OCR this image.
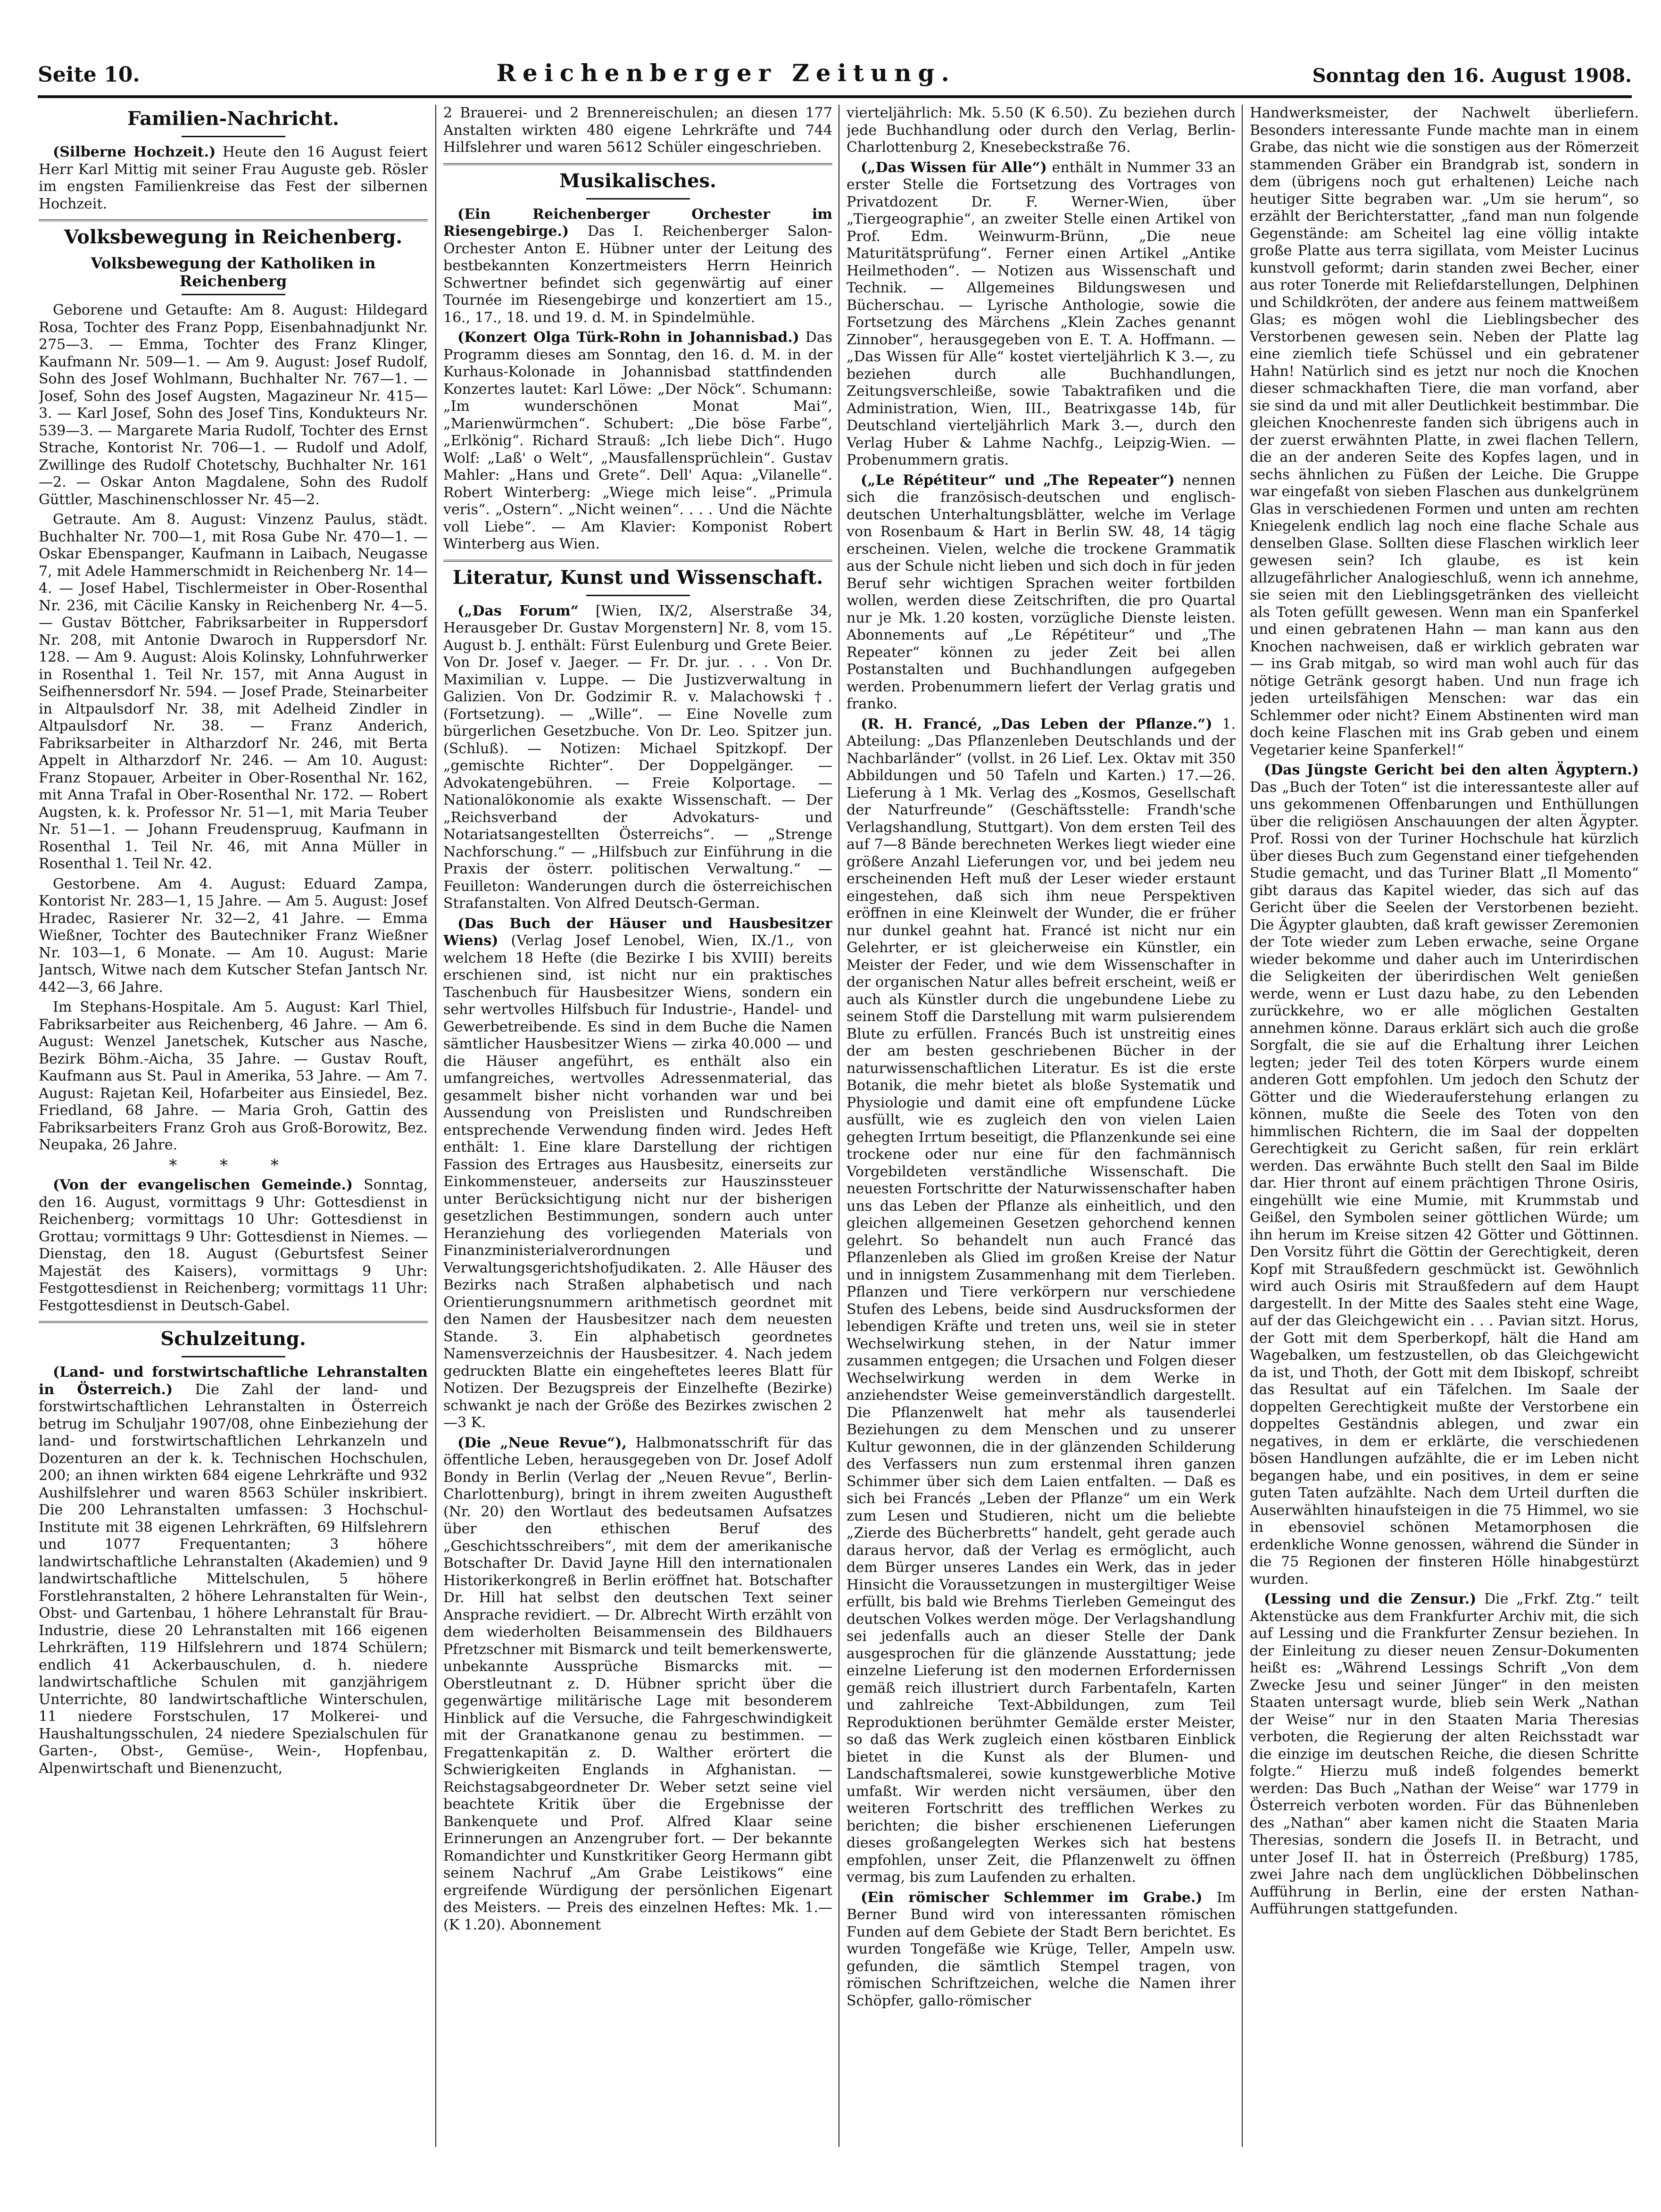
Seite 10.	Reichenberger Zeitung.	Sonntag den 16. August 1908.
Familien-Nachricht.

(Silberne Hochzeit.) Heute den 16 August feiert Herr Karl Mittig mit seiner Frau Auguste geb. Rösler im engsten Familienkreise das Fest der silbernen Hochzeit.

Volksbewegung in Reichenberg.
Volksbewegung der Katholiken in Reichenberg

Geborene und Getaufte: Am 8. August: Hildegard Rosa, Tochter des Franz Popp, Eisenbahnadjunkt Nr. 275—3. — Emma, Tochter des Franz Klinger, Kaufmann Nr. 509—1. — Am 9. August: Josef Rudolf, Sohn des Josef Wohlmann, Buchhalter Nr. 767—1. — Josef, Sohn des Josef Augsten, Magazineur Nr. 415—3. — Karl Josef, Sohn des Josef Tins, Kondukteurs Nr. 539—3. — Margarete Maria Rudolf, Tochter des Ernst Strache, Kontorist Nr. 706—1. — Rudolf und Adolf, Zwillinge des Rudolf Chotetschy, Buchhalter Nr. 161—2. — Oskar Anton Magdalene, Sohn des Rudolf Güttler, Maschinenschlosser Nr. 45—2.

Getraute. Am 8. August: Vinzenz Paulus, städt. Buchhalter Nr. 700—1, mit Rosa Gube Nr. 470—1. — Oskar Ebenspanger, Kaufmann in Laibach, Neugasse 7, mit Adele Hammerschmidt in Reichenberg Nr. 14—4. — Josef Habel, Tischlermeister in Ober-Rosenthal Nr. 236, mit Cäcilie Kansky in Reichenberg Nr. 4—5. — Gustav Böttcher, Fabriksarbeiter in Ruppersdorf Nr. 208, mit Antonie Dwaroch in Ruppersdorf Nr. 128. — Am 9. August: Alois Kolinsky, Lohnfuhrwerker in Rosenthal 1. Teil Nr. 157, mit Anna August in Seifhennersdorf Nr. 594. — Josef Prade, Steinarbeiter in Altpaulsdorf Nr. 38, mit Adelheid Zindler in Altpaulsdorf Nr. 38. — Franz Anderich, Fabriksarbeiter in Altharzdorf Nr. 246, mit Berta Appelt in Altharzdorf Nr. 246. — Am 10. August: Franz Stopauer, Arbeiter in Ober-Rosenthal Nr. 162, mit Anna Trafal in Ober-Rosenthal Nr. 172. — Robert Augsten, k. k. Professor Nr. 51—1, mit Maria Teuber Nr. 51—1. — Johann Freudenspruug, Kaufmann in Rosenthal 1. Teil Nr. 46, mit Anna Müller in Rosenthal 1. Teil Nr. 42.

Gestorbene. Am 4. August: Eduard Zampa, Kontorist Nr. 283—1, 15 Jahre. — Am 5. August: Josef Hradec, Rasierer Nr. 32—2, 41 Jahre. — Emma Wießner, Tochter des Bautechniker Franz Wießner Nr. 103—1, 6 Monate. — Am 10. August: Marie Jantsch, Witwe nach dem Kutscher Stefan Jantsch Nr. 442—3, 66 Jahre.

Im Stephans-Hospitale. Am 5. August: Karl Thiel, Fabriksarbeiter aus Reichenberg, 46 Jahre. — Am 6. August: Wenzel Janetschek, Kutscher aus Nasche, Bezirk Böhm.-Aicha, 35 Jahre. — Gustav Rouft, Kaufmann aus St. Paul in Amerika, 53 Jahre. — Am 7. August: Rajetan Keil, Hofarbeiter aus Einsiedel, Bez. Friedland, 68 Jahre. — Maria Groh, Gattin des Fabriksarbeiters Franz Groh aus Groß-Borowitz, Bez. Neupaka, 26 Jahre.

* * *

(Von der evangelischen Gemeinde.) Sonntag, den 16. August, vormittags 9 Uhr: Gottesdienst in Reichenberg; vormittags 10 Uhr: Gottesdienst in Grottau; vormittags 9 Uhr: Gottesdienst in Niemes. — Dienstag, den 18. August (Geburtsfest Seiner Majestät des Kaisers), vormittags 9 Uhr: Festgottesdienst in Reichenberg; vormittags 11 Uhr: Festgottesdienst in Deutsch-Gabel.

Schulzeitung.

(Land- und forstwirtschaftliche Lehranstalten in Österreich.) Die Zahl der land- und forstwirtschaftlichen Lehranstalten in Österreich betrug im Schuljahr 1907/08, ohne Einbeziehung der land- und forstwirtschaftlichen Lehrkanzeln und Dozenturen an der k. k. Technischen Hochschulen, 200; an ihnen wirkten 684 eigene Lehrkräfte und 932 Aushilfslehrer und waren 8563 Schüler inskribiert. Die 200 Lehranstalten umfassen: 3 Hochschul-Institute mit 38 eigenen Lehrkräften, 69 Hilfslehrern und 1077 Frequentanten; 3 höhere landwirtschaftliche Lehranstalten (Akademien) und 9 landwirtschaftliche Mittelschulen, 5 höhere Forstlehranstalten, 2 höhere Lehranstalten für Wein-, Obst- und Gartenbau, 1 höhere Lehranstalt für Brau-Industrie, diese 20 Lehranstalten mit 166 eigenen Lehrkräften, 119 Hilfslehrern und 1874 Schülern; endlich 41 Ackerbauschulen, d. h. niedere landwirtschaftliche Schulen mit ganzjährigem Unterrichte, 80 landwirtschaftliche Winterschulen, 11 niedere Forstschulen, 17 Molkerei- und Haushaltungsschulen, 24 niedere Spezialschulen für Garten-, Obst-, Gemüse-, Wein-, Hopfenbau, Alpenwirtschaft und Bienenzucht,

2 Brauerei- und 2 Brennereischulen; an diesen 177 Anstalten wirkten 480 eigene Lehrkräfte und 744 Hilfslehrer und waren 5612 Schüler eingeschrieben.

Musikalisches.

(Ein Reichenberger Orchester im Riesengebirge.) Das I. Reichenberger Salon-Orchester Anton E. Hübner unter der Leitung des bestbekannten Konzertmeisters Herrn Heinrich Schwertner befindet sich gegenwärtig auf einer Tournée im Riesengebirge und konzertiert am 15., 16., 17., 18. und 19. d. M. in Spindelmühle.

(Konzert Olga Türk-Rohn in Johannisbad.) Das Programm dieses am Sonntag, den 16. d. M. in der Kurhaus-Kolonade in Johannisbad stattfindenden Konzertes lautet: Karl Löwe: „Der Nöck“. Schumann: „Im wunderschönen Monat Mai“, „Marienwürmchen“. Schubert: „Die böse Farbe“, „Erlkönig“. Richard Strauß: „Ich liebe Dich“. Hugo Wolf: „Laß' o Welt“, „Mausfallensprüchlein“. Gustav Mahler: „Hans und Grete“. Dell' Aqua: „Vilanelle“. Robert Winterberg: „Wiege mich leise“. „Primula veris“. „Ostern“. „Nicht weinen“. . . . Und die Nächte voll Liebe“. — Am Klavier: Komponist Robert Winterberg aus Wien.

Literatur, Kunst und Wissenschaft.

(„Das Forum“ [Wien, IX/2, Alserstraße 34, Herausgeber Dr. Gustav Morgenstern] Nr. 8, vom 15. August b. J. enthält: Fürst Eulenburg und Grete Beier. Von Dr. Josef v. Jaeger. — Fr. Dr. jur. . . . Von Dr. Maximilian v. Luppe. — Die Justizverwaltung in Galizien. Von Dr. Godzimir R. v. Malachowski †. (Fortsetzung). — „Wille“. — Eine Novelle zum bürgerlichen Gesetzbuche. Von Dr. Leo. Spitzer jun. (Schluß). — Notizen: Michael Spitzkopf. Der „gemischte Richter“. Der Doppelgänger. — Advokatengebühren. — Freie Kolportage. — Nationalökonomie als exakte Wissenschaft. — Der „Reichsverband der Advokaturs- und Notariatsangestellten Österreichs“. — „Strenge Nachforschung.“ — „Hilfsbuch zur Einführung in die Praxis der österr. politischen Verwaltung.“ — Feuilleton: Wanderungen durch die österreichischen Strafanstalten. Von Alfred Deutsch-German.

(Das Buch der Häuser und Hausbesitzer Wiens) (Verlag Josef Lenobel, Wien, IX./1., von welchem 18 Hefte (die Bezirke I bis XVIII) bereits erschienen sind, ist nicht nur ein praktisches Taschenbuch für Hausbesitzer Wiens, sondern ein sehr wertvolles Hilfsbuch für Industrie-, Handel- und Gewerbetreibende. Es sind in dem Buche die Namen sämtlicher Hausbesitzer Wiens — zirka 40.000 — und die Häuser angeführt, es enthält also ein umfangreiches, wertvolles Adressenmaterial, das gesammelt bisher nicht vorhanden war und bei Aussendung von Preislisten und Rundschreiben entsprechende Verwendung finden wird. Jedes Heft enthält: 1. Eine klare Darstellung der richtigen Fassion des Ertrages aus Hausbesitz, einerseits zur Einkommensteuer, anderseits zur Hauszinssteuer unter Berücksichtigung nicht nur der bisherigen gesetzlichen Bestimmungen, sondern auch unter Heranziehung des vorliegenden Materials von Finanzministerialverordnungen und Verwaltungsgerichtshofjudikaten. 2. Alle Häuser des Bezirks nach Straßen alphabetisch und nach Orientierungsnummern arithmetisch geordnet mit den Namen der Hausbesitzer nach dem neuesten Stande. 3. Ein alphabetisch geordnetes Namensverzeichnis der Hausbesitzer. 4. Nach jedem gedruckten Blatte ein eingeheftetes leeres Blatt für Notizen. Der Bezugspreis der Einzelhefte (Bezirke) schwankt je nach der Größe des Bezirkes zwischen 2—3 K.

(Die „Neue Revue“), Halbmonatsschrift für das öffentliche Leben, herausgegeben von Dr. Josef Adolf Bondy in Berlin (Verlag der „Neuen Revue“, Berlin-Charlottenburg), bringt in ihrem zweiten Augustheft (Nr. 20) den Wortlaut des bedeutsamen Aufsatzes über den ethischen Beruf des „Geschichtsschreibers“, mit dem der amerikanische Botschafter Dr. David Jayne Hill den internationalen Historikerkongreß in Berlin eröffnet hat. Botschafter Dr. Hill hat selbst den deutschen Text seiner Ansprache revidiert. — Dr. Albrecht Wirth erzählt von dem wiederholten Beisammensein des Bildhauers Pfretzschner mit Bismarck und teilt bemerkenswerte, unbekannte Aussprüche Bismarcks mit. — Oberstleutnant z. D. Hübner spricht über die gegenwärtige militärische Lage mit besonderem Hinblick auf die Versuche, die Fahrgeschwindigkeit mit der Granatkanone genau zu bestimmen. — Fregattenkapitän z. D. Walther erörtert die Schwierigkeiten Englands in Afghanistan. — Reichstagsabgeordneter Dr. Weber setzt seine viel beachtete Kritik über die Ergebnisse der Bankenquete und Prof. Alfred Klaar seine Erinnerungen an Anzengruber fort. — Der bekannte Romandichter und Kunstkritiker Georg Hermann gibt seinem Nachruf „Am Grabe Leistikows“ eine ergreifende Würdigung der persönlichen Eigenart des Meisters. — Preis des einzelnen Heftes: Mk. 1.— (K 1.20). Abonnement

vierteljährlich: Mk. 5.50 (K 6.50). Zu beziehen durch jede Buchhandlung oder durch den Verlag, Berlin-Charlottenburg 2, Knesebeckstraße 76.

(„Das Wissen für Alle“) enthält in Nummer 33 an erster Stelle die Fortsetzung des Vortrages von Privatdozent Dr. F. Werner-Wien, über „Tiergeographie“, an zweiter Stelle einen Artikel von Prof. Edm. Weinwurm-Brünn, „Die neue Maturitätsprüfung“. Ferner einen Artikel „Antike Heilmethoden“. — Notizen aus Wissenschaft und Technik. — Allgemeines Bildungswesen und Bücherschau. — Lyrische Anthologie, sowie die Fortsetzung des Märchens „Klein Zaches genannt Zinnober“, herausgegeben von E. T. A. Hoffmann. — „Das Wissen für Alle“ kostet vierteljährlich K 3.—, zu beziehen durch alle Buchhandlungen, Zeitungsverschleiße, sowie Tabaktrafiken und die Administration, Wien, III., Beatrixgasse 14b, für Deutschland vierteljährlich Mark 3.—, durch den Verlag Huber & Lahme Nachfg., Leipzig-Wien. — Probenummern gratis.

(„Le Répétiteur“ und „The Repeater“) nennen sich die französisch-deutschen und englisch-deutschen Unterhaltungsblätter, welche im Verlage von Rosenbaum & Hart in Berlin SW. 48, 14 tägig erscheinen. Vielen, welche die trockene Grammatik aus der Schule nicht lieben und sich doch in für jeden Beruf sehr wichtigen Sprachen weiter fortbilden wollen, werden diese Zeitschriften, die pro Quartal nur je Mk. 1.20 kosten, vorzügliche Dienste leisten. Abonnements auf „Le Répétiteur“ und „The Repeater“ können zu jeder Zeit bei allen Postanstalten und Buchhandlungen aufgegeben werden. Probenummern liefert der Verlag gratis und franko.

(R. H. Francé, „Das Leben der Pflanze.“) 1. Abteilung: „Das Pflanzenleben Deutschlands und der Nachbarländer“ (vollst. in 26 Lief. Lex. Oktav mit 350 Abbildungen und 50 Tafeln und Karten.) 17.—26. Lieferung à 1 Mk. Verlag des „Kosmos, Gesellschaft der Naturfreunde“ (Geschäftsstelle: Frandh'sche Verlagshandlung, Stuttgart). Von dem ersten Teil des auf 7—8 Bände berechneten Werkes liegt wieder eine größere Anzahl Lieferungen vor, und bei jedem neu erscheinenden Heft muß der Leser wieder erstaunt eingestehen, daß sich ihm neue Perspektiven eröffnen in eine Kleinwelt der Wunder, die er früher nur dunkel geahnt hat. Francé ist nicht nur ein Gelehrter, er ist gleicherweise ein Künstler, ein Meister der Feder, und wie dem Wissenschafter in der organischen Natur alles befreit erscheint, weiß er auch als Künstler durch die ungebundene Liebe zu seinem Stoff die Darstellung mit warm pulsierendem Blute zu erfüllen. Francés Buch ist unstreitig eines der am besten geschriebenen Bücher in der naturwissenschaftlichen Literatur. Es ist die erste Botanik, die mehr bietet als bloße Systematik und Physiologie und damit eine oft empfundene Lücke ausfüllt, wie es zugleich den von vielen Laien gehegten Irrtum beseitigt, die Pflanzenkunde sei eine trockene oder nur eine für den fachmännisch Vorgebildeten verständliche Wissenschaft. Die neuesten Fortschritte der Naturwissenschafter haben uns das Leben der Pflanze als einheitlich, und den gleichen allgemeinen Gesetzen gehorchend kennen gelehrt. So behandelt nun auch Francé das Pflanzenleben als Glied im großen Kreise der Natur und in innigstem Zusammenhang mit dem Tierleben. Pflanzen und Tiere verkörpern nur verschiedene Stufen des Lebens, beide sind Ausdrucksformen der lebendigen Kräfte und treten uns, weil sie in steter Wechselwirkung stehen, in der Natur immer zusammen entgegen; die Ursachen und Folgen dieser Wechselwirkung werden in dem Werke in anziehendster Weise gemeinverständlich dargestellt. Die Pflanzenwelt hat mehr als tausenderlei Beziehungen zu dem Menschen und zu unserer Kultur gewonnen, die in der glänzenden Schilderung des Verfassers nun zum erstenmal ihren ganzen Schimmer über sich dem Laien entfalten. — Daß es sich bei Francés „Leben der Pflanze“ um ein Werk zum Lesen und Studieren, nicht um die beliebte „Zierde des Bücherbretts“ handelt, geht gerade auch daraus hervor, daß der Verlag es ermöglicht, auch dem Bürger unseres Landes ein Werk, das in jeder Hinsicht die Voraussetzungen in mustergiltiger Weise erfüllt, bis bald wie Brehms Tierleben Gemeingut des deutschen Volkes werden möge. Der Verlagshandlung sei jedenfalls auch an dieser Stelle der Dank ausgesprochen für die glänzende Ausstattung; jede einzelne Lieferung ist den modernen Erfordernissen gemäß reich illustriert durch Farbentafeln, Karten und zahlreiche Text-Abbildungen, zum Teil Reproduktionen berühmter Gemälde erster Meister, so daß das Werk zugleich einen köstbaren Einblick bietet in die Kunst als der Blumen- und Landschaftsmalerei, sowie kunstgewerbliche Motive umfaßt. Wir werden nicht versäumen, über den weiteren Fortschritt des trefflichen Werkes zu berichten; die bisher erschienenen Lieferungen dieses großangelegten Werkes sich hat bestens empfohlen, unser Zeit, die Pflanzenwelt zu öffnen vermag, bis zum Laufenden zu erhalten.

(Ein römischer Schlemmer im Grabe.) Im Berner Bund wird von interessanten römischen Funden auf dem Gebiete der Stadt Bern berichtet. Es wurden Tongefäße wie Krüge, Teller, Ampeln usw. gefunden, die sämtlich Stempel tragen, von römischen Schriftzeichen, welche die Namen ihrer Schöpfer, gallo-römischer

Handwerksmeister, der Nachwelt überliefern. Besonders interessante Funde machte man in einem Grabe, das nicht wie die sonstigen aus der Römerzeit stammenden Gräber ein Brandgrab ist, sondern in dem (übrigens noch gut erhaltenen) Leiche nach heutiger Sitte begraben war. „Um sie herum“, so erzählt der Berichterstatter, „fand man nun folgende Gegenstände: am Scheitel lag eine völlig intakte große Platte aus terra sigillata, vom Meister Lucinus kunstvoll geformt; darin standen zwei Becher, einer aus roter Tonerde mit Reliefdarstellungen, Delphinen und Schildkröten, der andere aus feinem mattweißem Glas; es mögen wohl die Lieblingsbecher des Verstorbenen gewesen sein. Neben der Platte lag eine ziemlich tiefe Schüssel und ein gebratener Hahn! Natürlich sind es jetzt nur noch die Knochen dieser schmackhaften Tiere, die man vorfand, aber sie sind da und mit aller Deutlichkeit bestimmbar. Die gleichen Knochenreste fanden sich übrigens auch in der zuerst erwähnten Platte, in zwei flachen Tellern, die an der anderen Seite des Kopfes lagen, und in sechs ähnlichen zu Füßen der Leiche. Die Gruppe war eingefaßt von sieben Flaschen aus dunkelgrünem Glas in verschiedenen Formen und unten am rechten Kniegelenk endlich lag noch eine flache Schale aus denselben Glase. Sollten diese Flaschen wirklich leer gewesen sein? Ich glaube, es ist kein allzugefährlicher Analogieschluß, wenn ich annehme, sie seien mit den Lieblingsgetränken des vielleicht als Toten gefüllt gewesen. Wenn man ein Spanferkel und einen gebratenen Hahn — man kann aus den Knochen nachweisen, daß er wirklich gebraten war — ins Grab mitgab, so wird man wohl auch für das nötige Getränk gesorgt haben. Und nun frage ich jeden urteilsfähigen Menschen: war das ein Schlemmer oder nicht? Einem Abstinenten wird man doch keine Flaschen mit ins Grab geben und einem Vegetarier keine Spanferkel!“

(Das Jüngste Gericht bei den alten Ägyptern.) Das „Buch der Toten“ ist die interessanteste aller auf uns gekommenen Offenbarungen und Enthüllungen über die religiösen Anschauungen der alten Ägypter. Prof. Rossi von der Turiner Hochschule hat kürzlich über dieses Buch zum Gegenstand einer tiefgehenden Studie gemacht, und das Turiner Blatt „Il Momento“ gibt daraus das Kapitel wieder, das sich auf das Gericht über die Seelen der Verstorbenen bezieht. Die Ägypter glaubten, daß kraft gewisser Zeremonien der Tote wieder zum Leben erwache, seine Organe wieder bekomme und daher auch im Unterirdischen die Seligkeiten der überirdischen Welt genießen werde, wenn er Lust dazu habe, zu den Lebenden zurückkehre, wo er alle möglichen Gestalten annehmen könne. Daraus erklärt sich auch die große Sorgfalt, die sie auf die Erhaltung ihrer Leichen legten; jeder Teil des toten Körpers wurde einem anderen Gott empfohlen. Um jedoch den Schutz der Götter und die Wiederauferstehung erlangen zu können, mußte die Seele des Toten von den himmlischen Richtern, die im Saal der doppelten Gerechtigkeit zu Gericht saßen, für rein erklärt werden. Das erwähnte Buch stellt den Saal im Bilde dar. Hier thront auf einem prächtigen Throne Osiris, eingehüllt wie eine Mumie, mit Krummstab und Geißel, den Symbolen seiner göttlichen Würde; um ihn herum im Kreise sitzen 42 Götter und Göttinnen. Den Vorsitz führt die Göttin der Gerechtigkeit, deren Kopf mit Straußfedern geschmückt ist. Gewöhnlich wird auch Osiris mit Straußfedern auf dem Haupt dargestellt. In der Mitte des Saales steht eine Wage, auf der das Gleichgewicht ein . . . Pavian sitzt. Horus, der Gott mit dem Sperberkopf, hält die Hand am Wagebalken, um festzustellen, ob das Gleichgewicht da ist, und Thoth, der Gott mit dem Ibiskopf, schreibt das Resultat auf ein Täfelchen. Im Saale der doppelten Gerechtigkeit mußte der Verstorbene ein doppeltes Geständnis ablegen, und zwar ein negatives, in dem er erklärte, die verschiedenen bösen Handlungen aufzählte, die er im Leben nicht begangen habe, und ein positives, in dem er seine guten Taten aufzählte. Nach dem Urteil durften die Auserwählten hinaufsteigen in die 75 Himmel, wo sie in ebensoviel schönen Metamorphosen die erdenkliche Wonne genossen, während die Sünder in die 75 Regionen der finsteren Hölle hinabgestürzt wurden.

(Lessing und die Zensur.) Die „Frkf. Ztg.“ teilt Aktenstücke aus dem Frankfurter Archiv mit, die sich auf Lessing und die Frankfurter Zensur beziehen. In der Einleitung zu dieser neuen Zensur-Dokumenten heißt es: „Während Lessings Schrift „Von dem Zwecke Jesu und seiner Jünger“ in den meisten Staaten untersagt wurde, blieb sein Werk „Nathan der Weise“ nur in den Staaten Maria Theresias verboten, die Regierung der alten Reichsstadt war die einzige im deutschen Reiche, die diesen Schritte folgte.“ Hierzu muß indeß folgendes bemerkt werden: Das Buch „Nathan der Weise“ war 1779 in Österreich verboten worden. Für das Bühnenleben des „Nathan“ aber kamen nicht die Staaten Maria Theresias, sondern die Josefs II. in Betracht, und unter Josef II. hat in Österreich (Preßburg) 1785, zwei Jahre nach dem unglücklichen Döbbelinschen Aufführung in Berlin, eine der ersten Nathan-Aufführungen stattgefunden.
